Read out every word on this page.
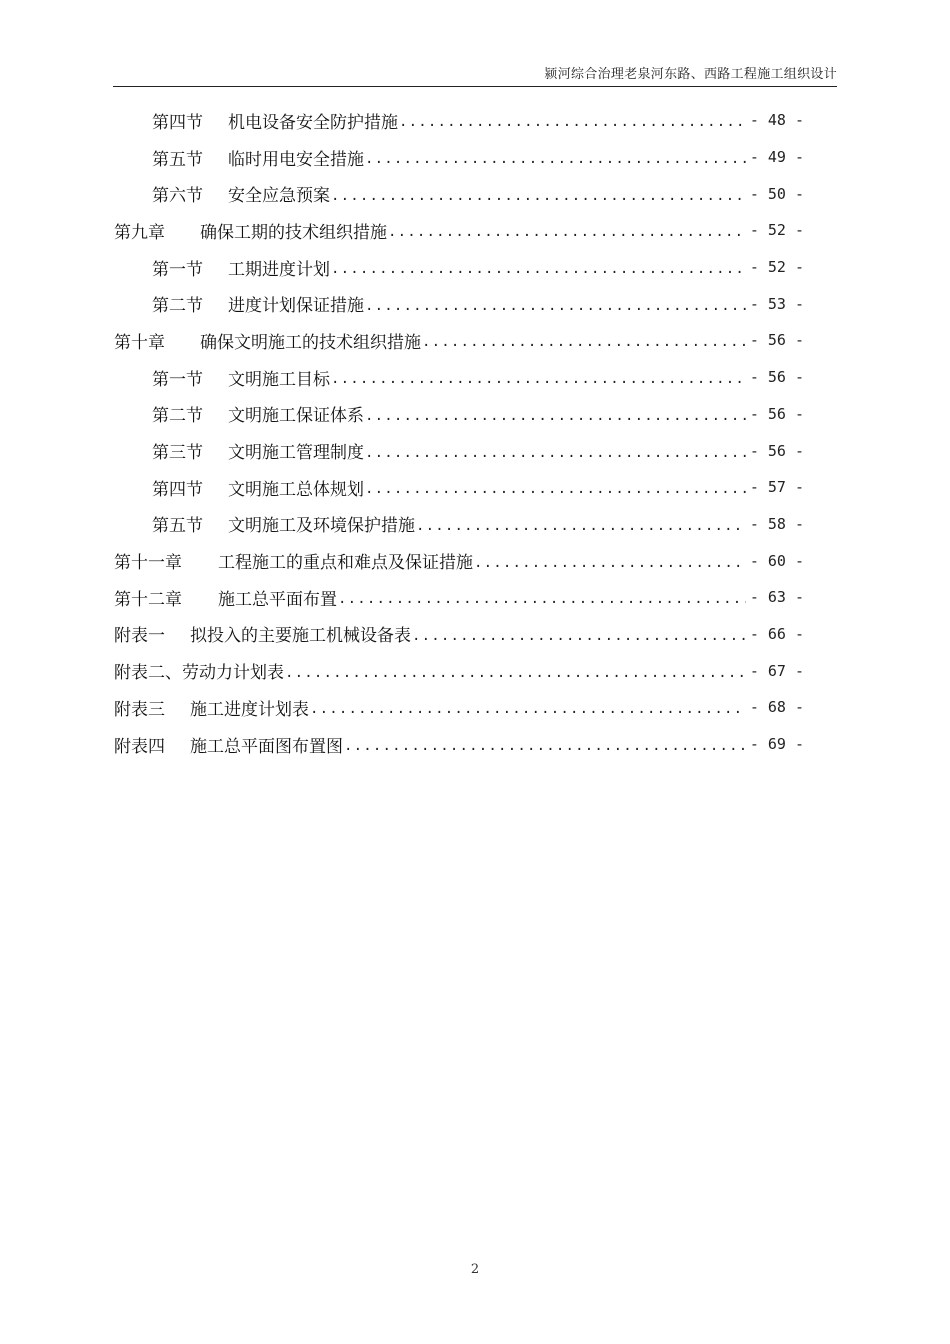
颍河综合治理老泉河东路、西路工程施工组织设计
第四节 机电设备安全防护措施 .....	- 48 -
第五节 临时用电安全措施 .....	- 49 -
第六节 安全应急预案 .....	- 50 -
第九章 确保工期的技术组织措施 .....	- 52 -
第一节 工期进度计划 .....	- 52 -
第二节 进度计划保证措施 .....	- 53 -
第十章 确保文明施工的技术组织措施 .....	- 56 -
第一节 文明施工目标 .....	- 56 -
第二节 文明施工保证体系 .....	- 56 -
第三节 文明施工管理制度 .....	- 56 -
第四节 文明施工总体规划 .....	- 57 -
第五节 文明施工及环境保护措施 .....	- 58 -
第十一章 工程施工的重点和难点及保证措施 .....	- 60 -
第十二章 施工总平面布置 .....	- 63 -
附表一 拟投入的主要施工机械设备表 .....	- 66 -
附表二、劳动力计划表 .....	- 67 -
附表三 施工进度计划表 .....	- 68 -
附表四 施工总平面图布置图 .....	- 69 -
2
